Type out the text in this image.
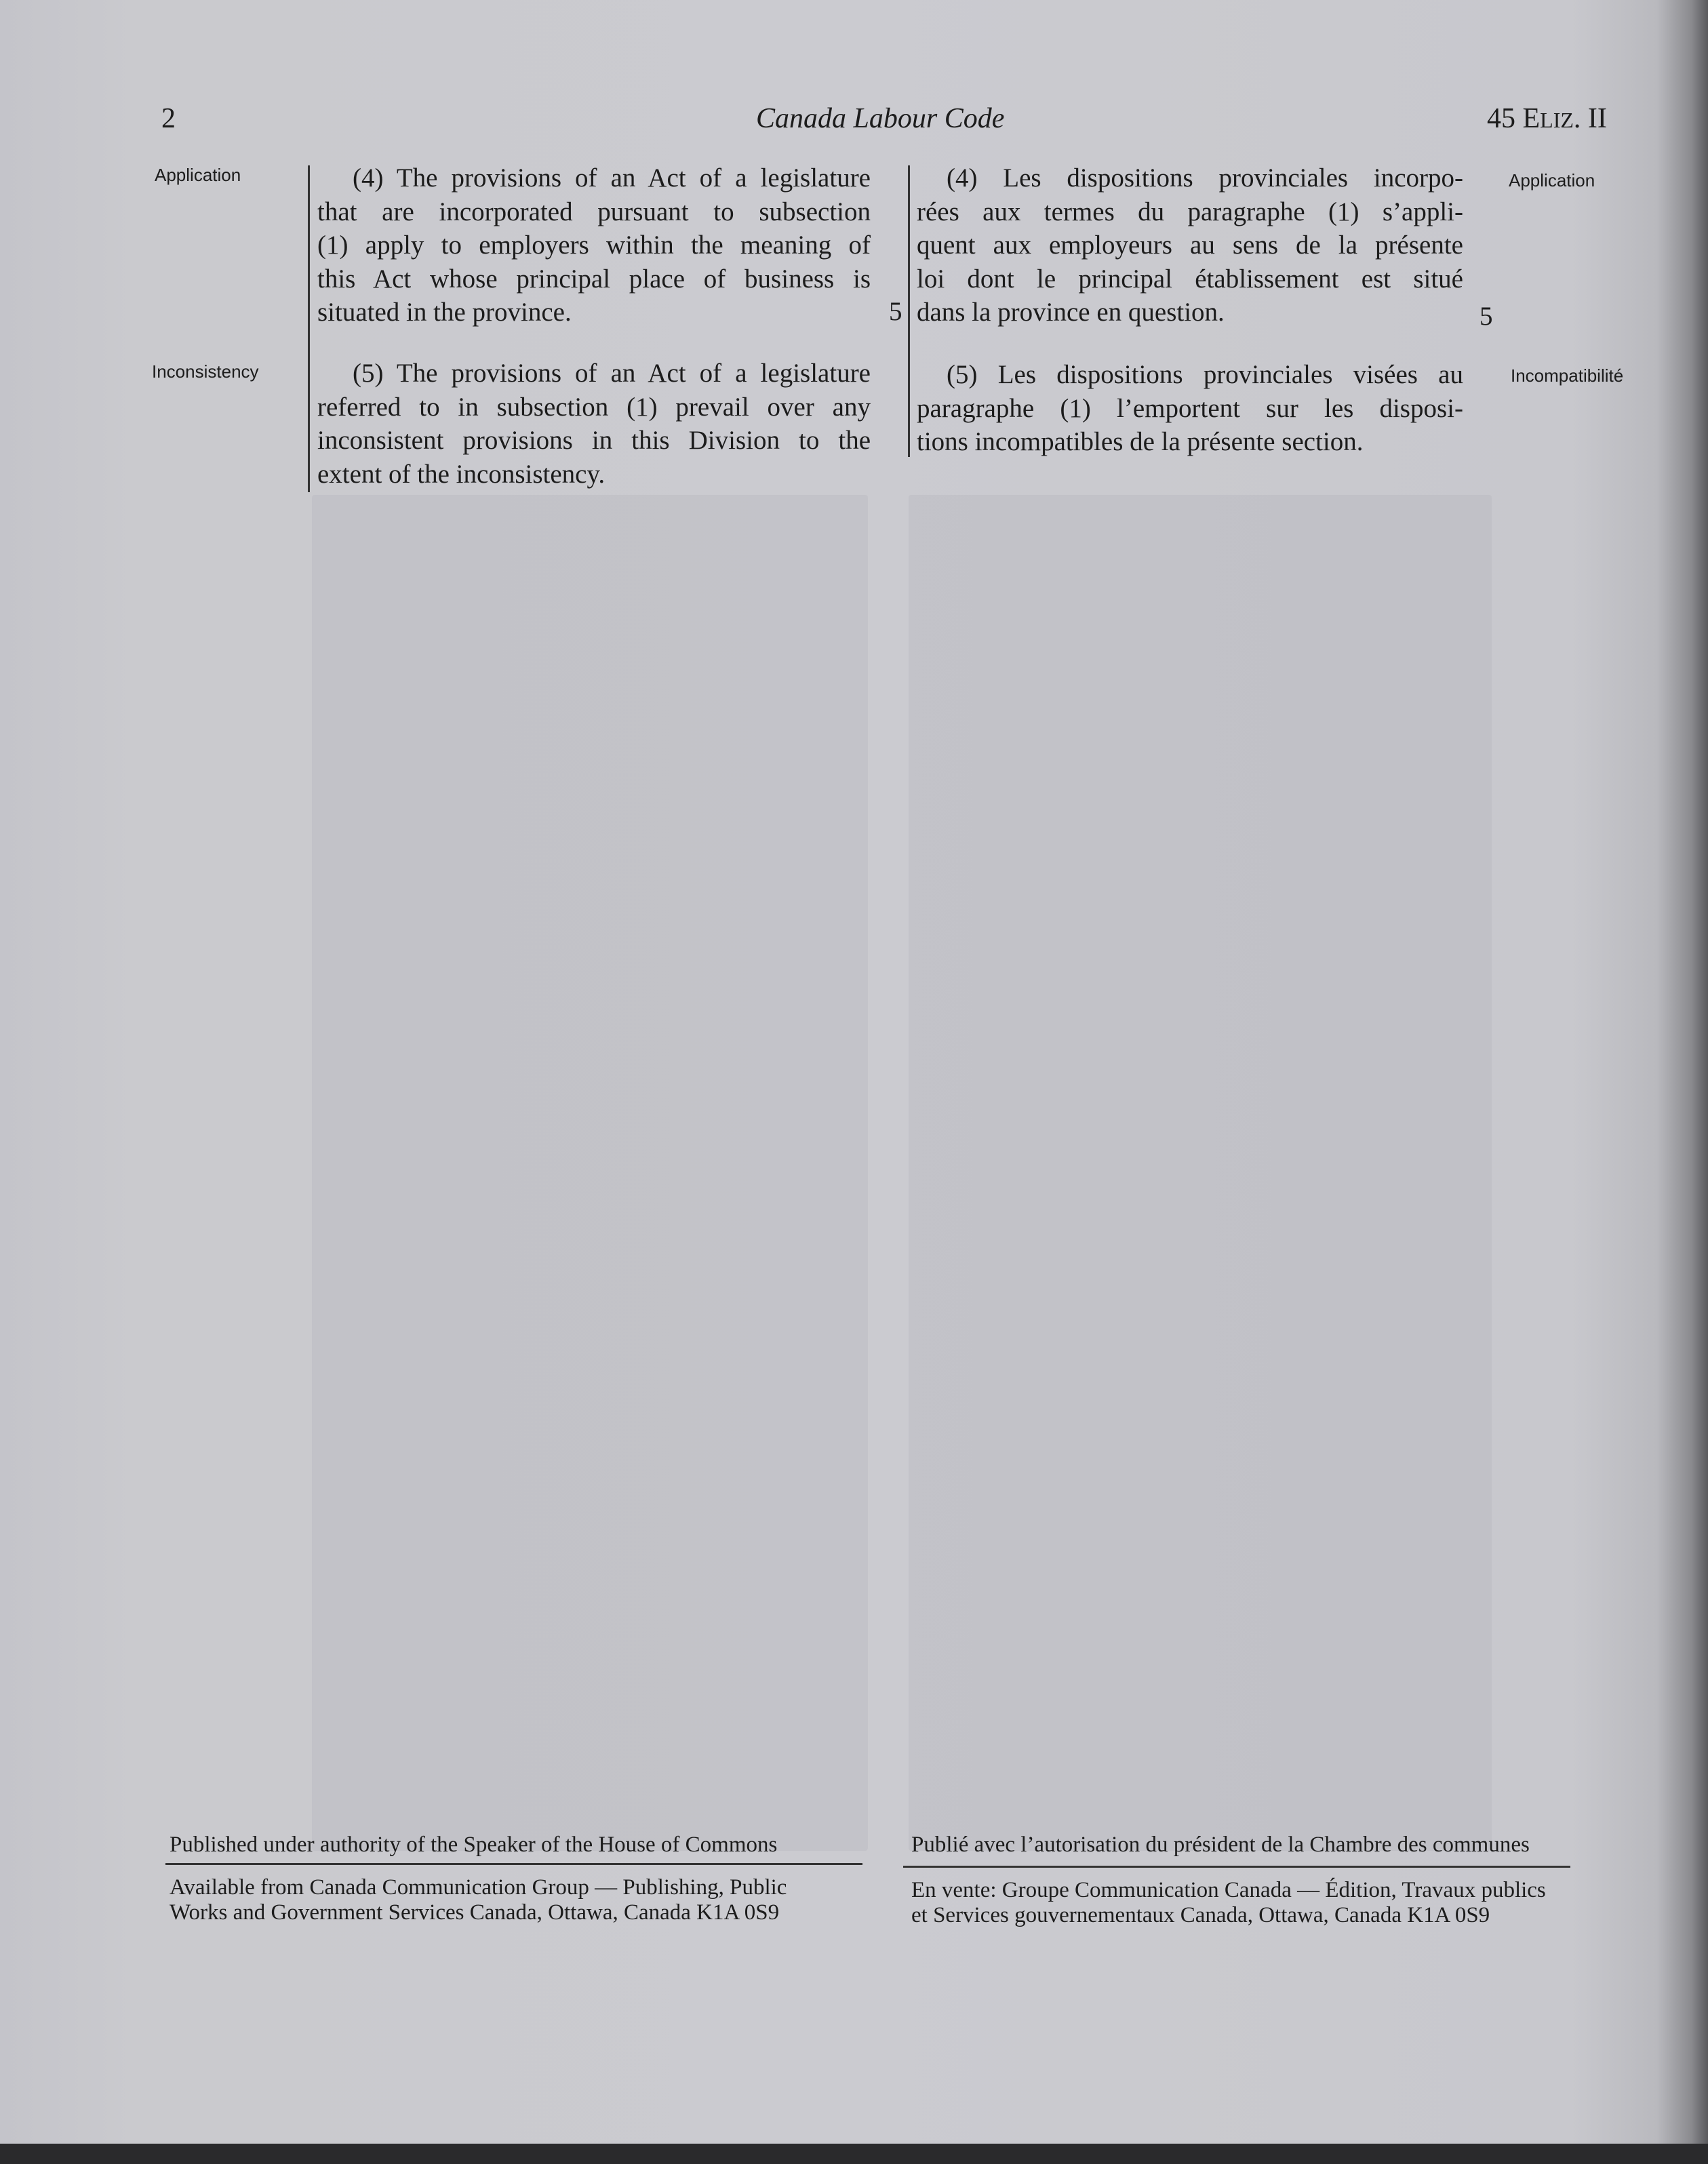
2	Canada Labour Code	45 ELIZ. II
Application	Application

(4) The provisions of an Act of a legislature
that are incorporated pursuant to subsection
(1) apply to employers within the meaning of
this Act whose principal place of business is
situated in the province.	5

(4) Les dispositions provinciales incorpo-
rées aux termes du paragraphe (1) s’appli-
quent aux employeurs au sens de la présente
loi dont le principal établissement est situé
dans la province en question.	5
Inconsistency	Incompatibilité

(5) The provisions of an Act of a legislature
referred to in subsection (1) prevail over any
inconsistent provisions in this Division to the
extent of the inconsistency.

(5) Les dispositions provinciales visées au
paragraphe (1) l’emportent sur les disposi-
tions incompatibles de la présente section.

Published under authority of the Speaker of the House of Commons
Available from Canada Communication Group — Publishing, Public
Works and Government Services Canada, Ottawa, Canada K1A 0S9
Publié avec l’autorisation du président de la Chambre des communes
En vente: Groupe Communication Canada — Édition, Travaux publics
et Services gouvernementaux Canada, Ottawa, Canada K1A 0S9
